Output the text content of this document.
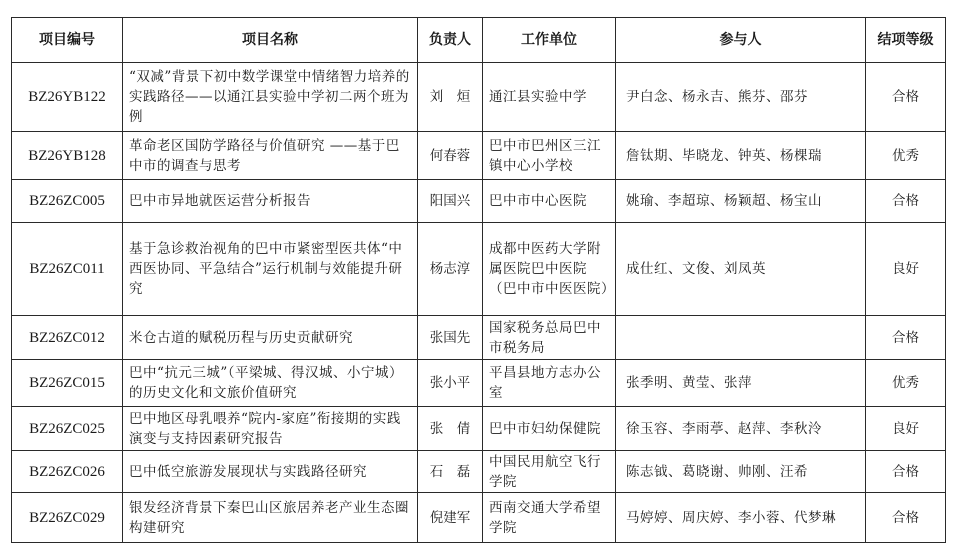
项目编号	项目名称	负责人	工作单位	参与人	结项等级
BZ26YB122	“双减”背景下初中数学课堂中情绪智力培养的实践路径——以通江县实验中学初二两个班为例	刘　烜	通江县实验中学	尹白念、杨永吉、熊芬、邵芬	合格
BZ26YB128	革命老区国防学路径与价值研究 ——基于巴中市的调查与思考	何春蓉	巴中市巴州区三江镇中心小学校	詹钛期、毕晓龙、钟英、杨棵瑞	优秀
BZ26ZC005	巴中市异地就医运营分析报告	阳国兴	巴中市中心医院	姚瑜、李超琼、杨颖超、杨宝山	合格
BZ26ZC011	基于急诊救治视角的巴中市紧密型医共体“中西医协同、平急结合”运行机制与效能提升研究	杨志淳	成都中医药大学附属医院巴中医院（巴中市中医医院）	成仕红、文俊、刘凤英	良好
BZ26ZC012	米仓古道的赋税历程与历史贡献研究	张国先	国家税务总局巴中市税务局		合格
BZ26ZC015	巴中“抗元三城”（平梁城、得汉城、小宁城）的历史文化和文旅价值研究	张小平	平昌县地方志办公室	张季明、黄莹、张萍	优秀
BZ26ZC025	巴中地区母乳喂养“院内-家庭”衔接期的实践演变与支持因素研究报告	张　倩	巴中市妇幼保健院	徐玉容、李雨葶、赵萍、李秋泠	良好
BZ26ZC026	巴中低空旅游发展现状与实践路径研究	石　磊	中国民用航空飞行学院	陈志钺、葛晓谢、帅刚、汪希	合格
BZ26ZC029	银发经济背景下秦巴山区旅居养老产业生态圈构建研究	倪建军	西南交通大学希望学院	马婷婷、周庆婷、李小蓉、代梦琳	合格
